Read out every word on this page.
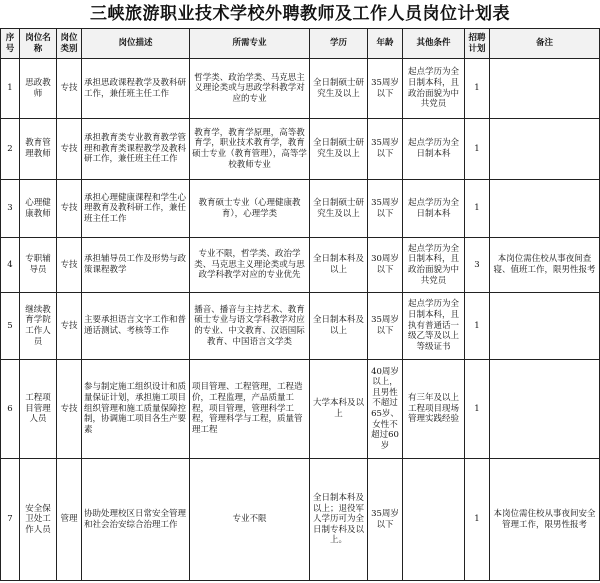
三峡旅游职业技术学校外聘教师及工作人员岗位计划表
序号	岗位名称	岗位类别	岗位描述	所需专业	学历	年龄	其他条件	招聘计划	备注
1	思政教师	专技	承担思政课程教学及教科研工作，兼任班主任工作	哲学类、政治学类、马克思主义理论类或与思政学科教学对应的专业	全日制硕士研究生及以上	35周岁以下	起点学历为全日制本科，且政治面貌为中共党员	1	
2	教育管理教师	专技	承担教育类专业教育教学管理和教育类课程教学及教科研工作，兼任班主任工作	教育学，教育学原理，高等教育学，职业技术教育学，教育硕士专业（教育管理），高等学校教师专业	全日制硕士研究生及以上	35周岁以下	起点学历为全日制本科	1	
3	心理健康教师	专技	承担心理健康课程和学生心理教育及教科研工作，兼任班主任工作	教育硕士专业（心理健康教育），心理学类	全日制硕士研究生及以上	35周岁以下	起点学历为全日制本科	1	
4	专职辅导员	专技	承担辅导员工作及形势与政策课程教学	专业不限，哲学类、政治学类、马克思主义理论类或与思政学科教学对应的专业优先	全日制本科及以上	30周岁以下	起点学历为全日制本科，且政治面貌为中共党员	3	本岗位需住校从事夜间查寝、值班工作，限男性报考
5	继续教育学院工作人员	专技	主要承担语言文字工作和普通话测试、考核等工作	播音、播音与主持艺术、教育硕士专业与语文学科教学对应的专业、中文教育、汉语国际教育、中国语言文学类	全日制本科及以上	35周岁以下	起点学历为全日制本科，且执有普通话一级乙等及以上等级证书	1	
6	工程项目管理人员	专技	参与制定施工组织设计和质量保证计划，承担施工项目组织管理和施工质量保障控制，协调施工项目各生产要素	项目管理、工程管理，工程造价，工程监理，产品质量工程，项目管理，管理科学工程，管理科学与工程，质量管理工程	大学本科及以上	40周岁以上，且男性不超过65岁、女性不超过60岁	有三年及以上工程项目现场管理实践经验	1	
7	安全保卫处工作人员	管理	协助处理校区日常安全管理和社会治安综合治理工作	专业不限	全日制本科及以上；退役军人学历可为全日制专科及以上。	35周岁以下		1	本岗位需住校从事夜间安全管理工作，限男性报考
